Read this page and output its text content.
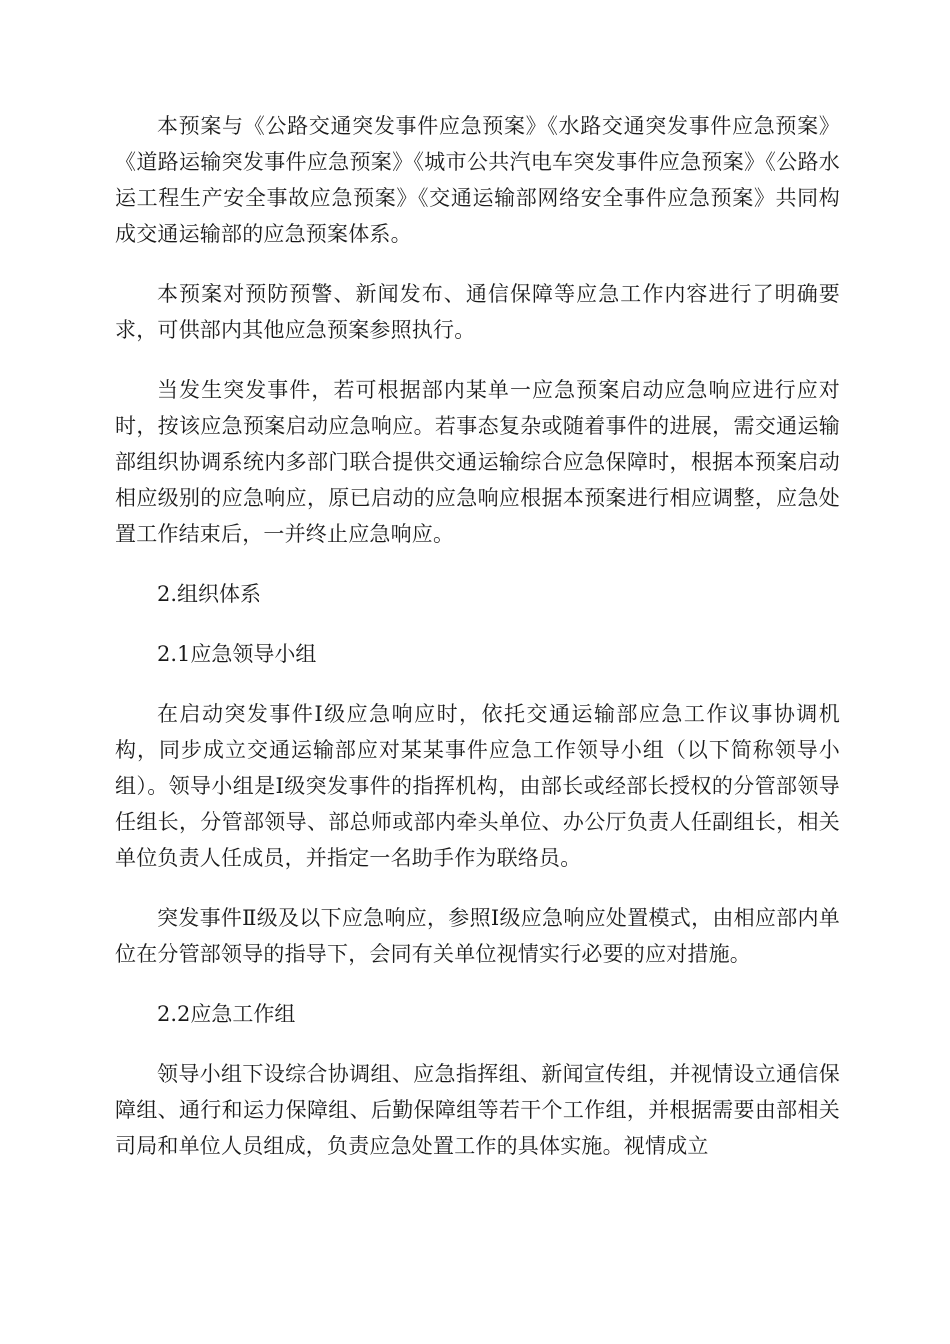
本预案与《公路交通突发事件应急预案》《水路交通突发事件应急预案》《道路运输突发事件应急预案》《城市公共汽电车突发事件应急预案》《公路水运工程生产安全事故应急预案》《交通运输部网络安全事件应急预案》共同构成交通运输部的应急预案体系。

本预案对预防预警、新闻发布、通信保障等应急工作内容进行了明确要求，可供部内其他应急预案参照执行。

当发生突发事件，若可根据部内某单一应急预案启动应急响应进行应对时，按该应急预案启动应急响应。若事态复杂或随着事件的进展，需交通运输部组织协调系统内多部门联合提供交通运输综合应急保障时，根据本预案启动相应级别的应急响应，原已启动的应急响应根据本预案进行相应调整，应急处置工作结束后，一并终止应急响应。

2.组织体系

2.1应急领导小组

在启动突发事件Ⅰ级应急响应时，依托交通运输部应急工作议事协调机构，同步成立交通运输部应对某某事件应急工作领导小组（以下简称领导小组）。领导小组是Ⅰ级突发事件的指挥机构，由部长或经部长授权的分管部领导任组长，分管部领导、部总师或部内牵头单位、办公厅负责人任副组长，相关单位负责人任成员，并指定一名助手作为联络员。

突发事件Ⅱ级及以下应急响应，参照Ⅰ级应急响应处置模式，由相应部内单位在分管部领导的指导下，会同有关单位视情实行必要的应对措施。

2.2应急工作组

领导小组下设综合协调组、应急指挥组、新闻宣传组，并视情设立通信保障组、通行和运力保障组、后勤保障组等若干个工作组，并根据需要由部相关司局和单位人员组成，负责应急处置工作的具体实施。视情成立
